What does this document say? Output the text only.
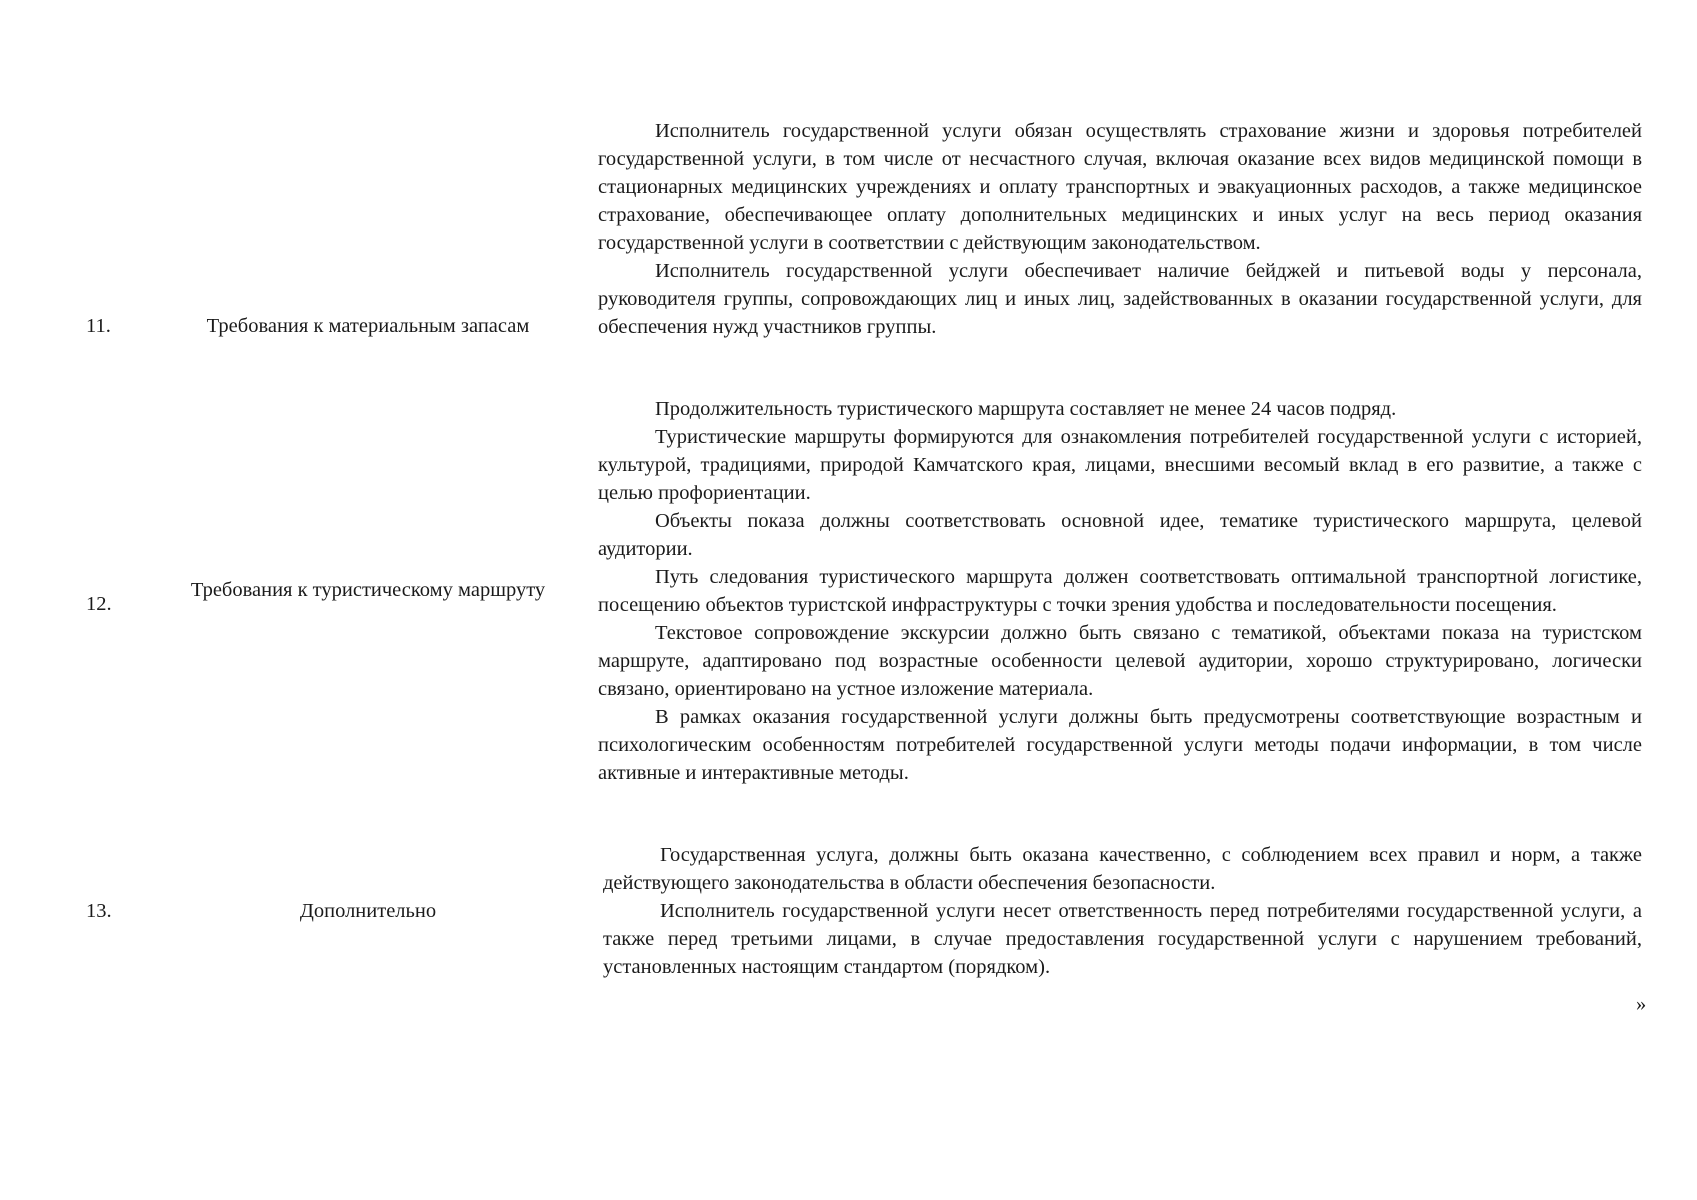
11.	Требования к материальным запасам

Исполнитель государственной услуги обязан осуществлять страхование жизни и здоровья потребителей государственной услуги, в том числе от несчастного случая, включая оказание всех видов медицинской помощи в стационарных медицинских учреждениях и оплату транспортных и эвакуационных расходов, а также медицинское страхование, обеспечивающее оплату дополнительных медицинских и иных услуг на весь период оказания государственной услуги в соответствии с действующим законодательством.

Исполнитель государственной услуги обеспечивает наличие бейджей и питьевой воды у персонала, руководителя группы, сопровождающих лиц и иных лиц, задействованных в оказании государственной услуги, для обеспечения нужд участников группы.

12.
Требования к туристическому маршруту

Продолжительность туристического маршрута составляет не менее 24 часов подряд.

Туристические маршруты формируются для ознакомления потребителей государственной услуги с историей, культурой, традициями, природой Камчатского края, лицами, внесшими весомый вклад в его развитие, а также с целью профориентации.

Объекты показа должны соответствовать основной идее, тематике туристического маршрута, целевой аудитории.

Путь следования туристического маршрута должен соответствовать оптимальной транспортной логистике, посещению объектов туристской инфраструктуры с точки зрения удобства и последовательности посещения.

Текстовое сопровождение экскурсии должно быть связано с тематикой, объектами показа на туристском маршруте, адаптировано под возрастные особенности целевой аудитории, хорошо структурировано, логически связано, ориентировано на устное изложение материала.

В рамках оказания государственной услуги должны быть предусмотрены соответствующие возрастным и психологическим особенностям потребителей государственной услуги методы подачи информации, в том числе активные и интерактивные методы.

13.	Дополнительно

Государственная услуга, должны быть оказана качественно, с соблюдением всех правил и норм, а также действующего законодательства в области обеспечения безопасности.

Исполнитель государственной услуги несет ответственность перед потребителями государственной услуги, а также перед третьими лицами, в случае предоставления государственной услуги с нарушением требований, установленных настоящим стандартом (порядком).

»
